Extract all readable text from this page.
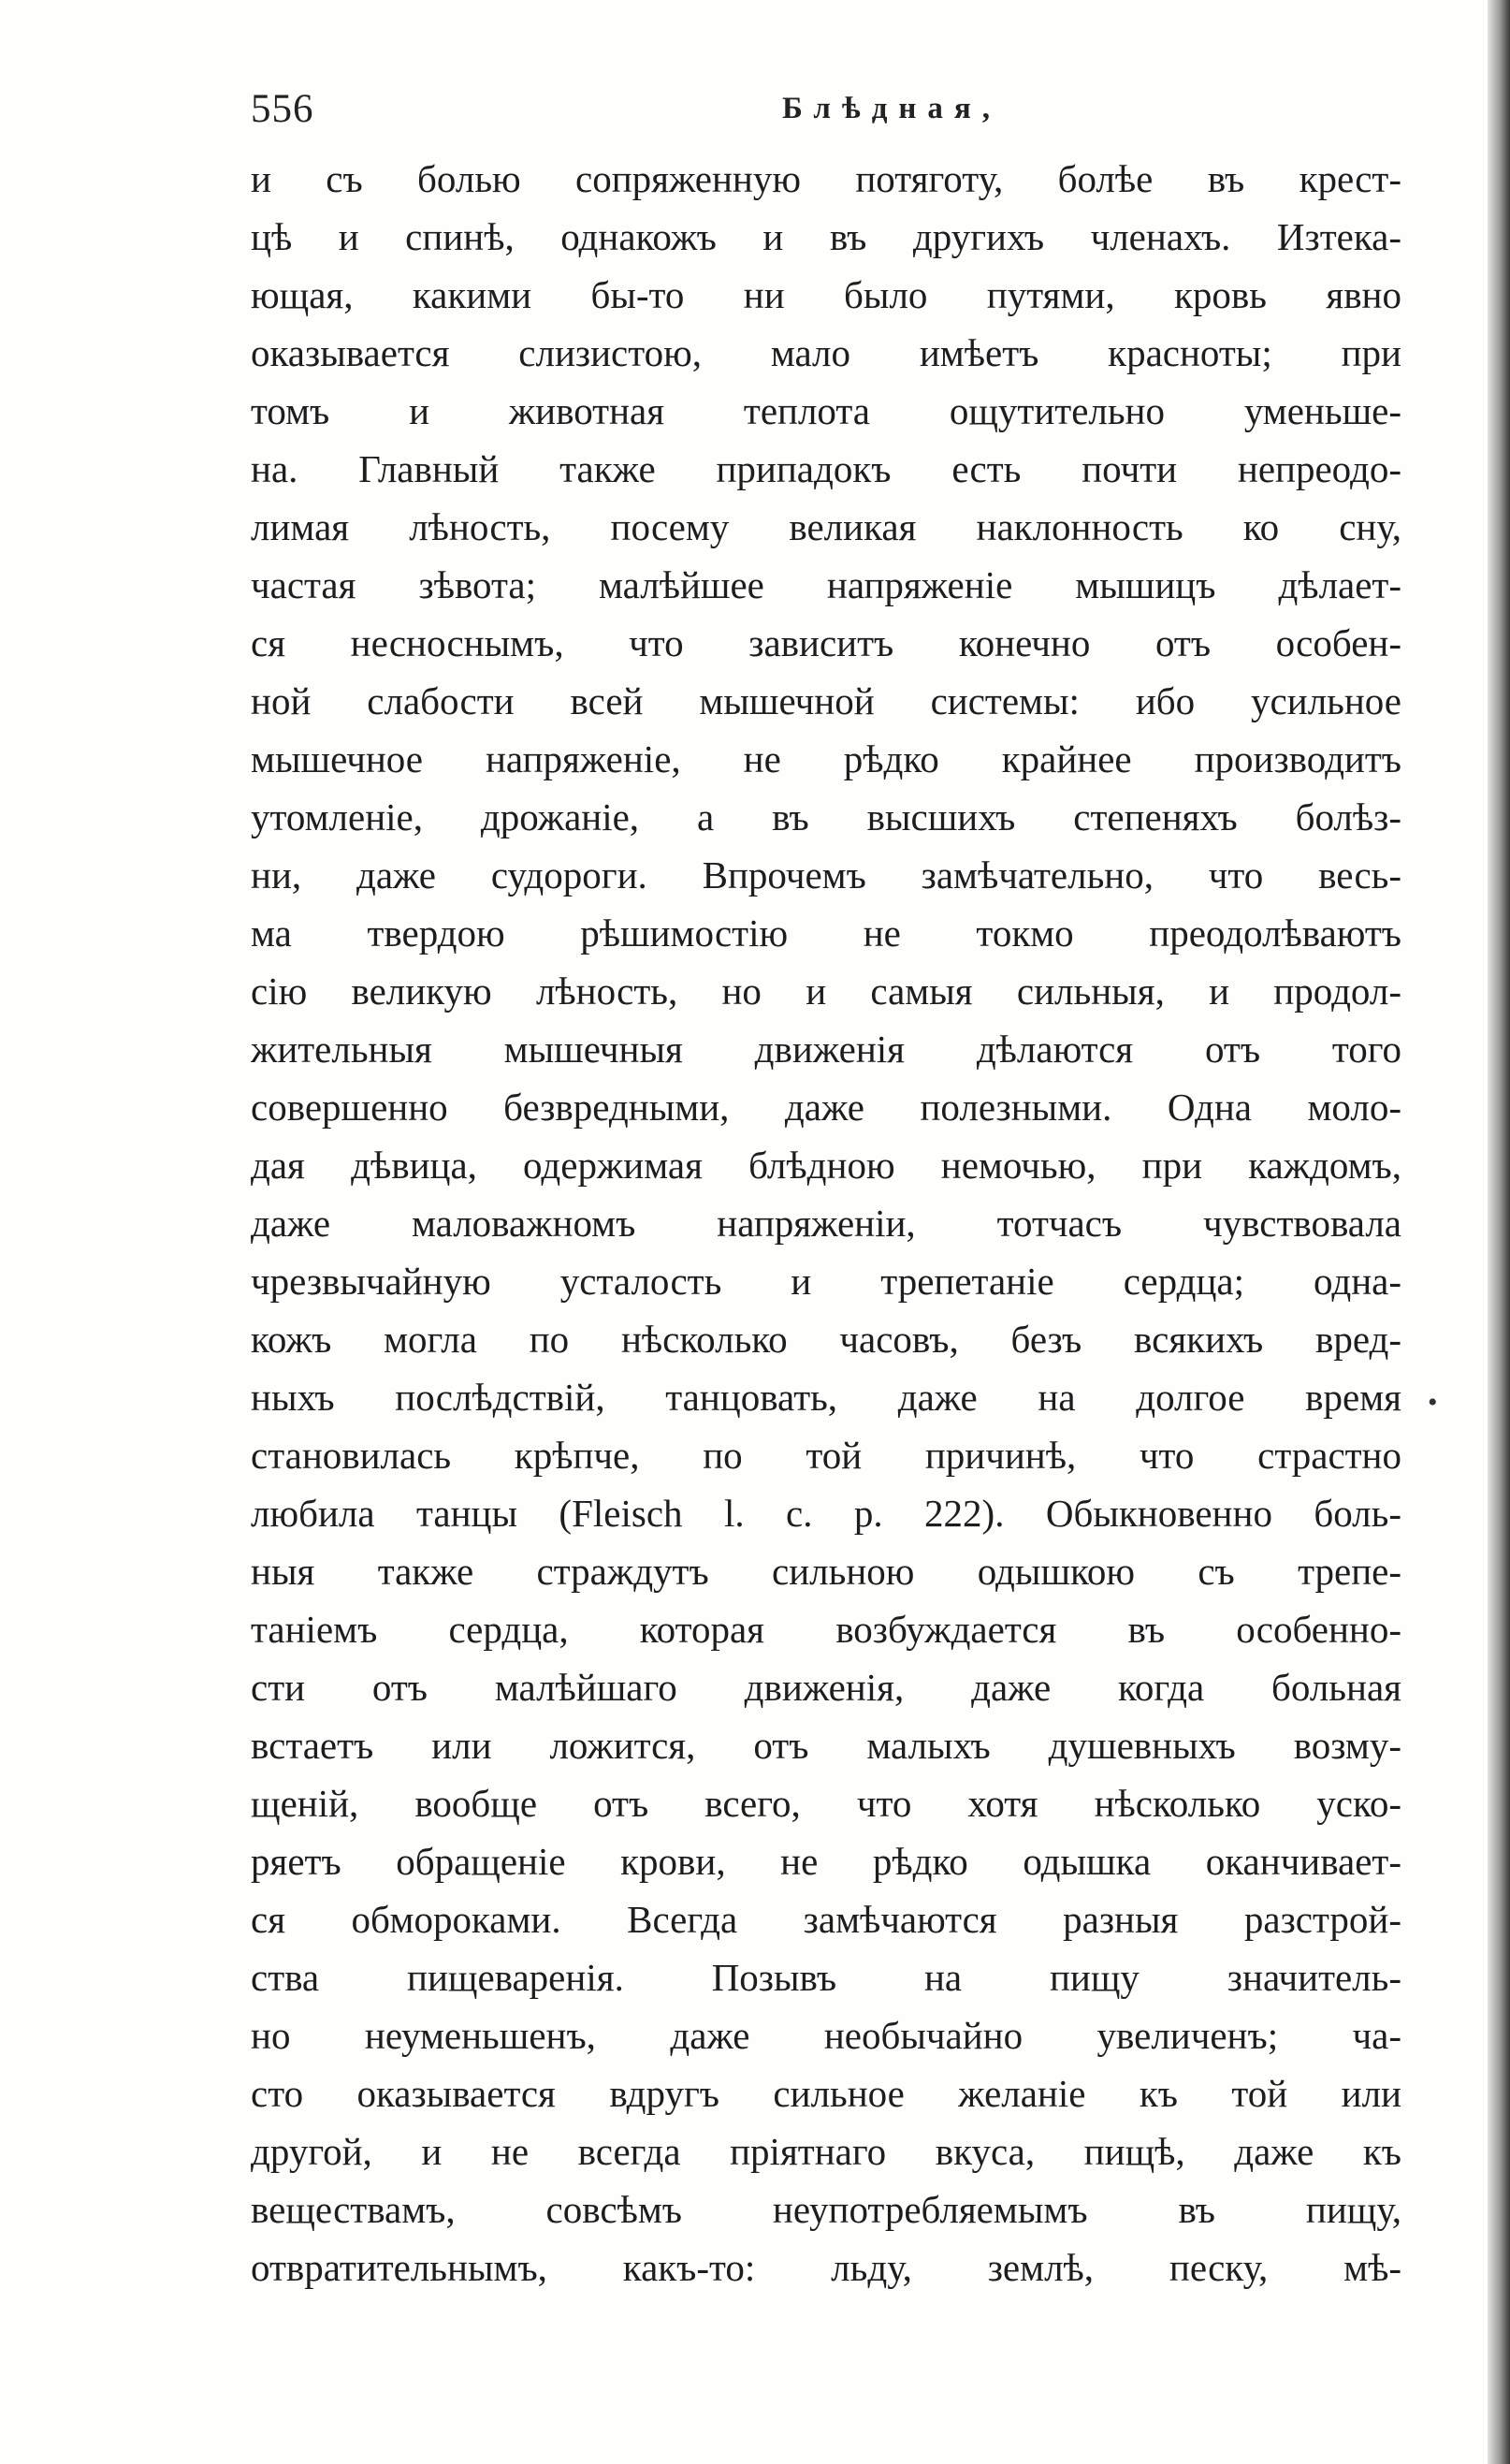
556	Блѣдная,
и съ болью сопряженную потяготу, болѣе въ крест-
цѣ и спинѣ, однакожъ и въ другихъ членахъ. Изтека-
ющая, какими бы-то ни было путями, кровь явно
оказывается слизистою, мало имѣетъ красноты; при
томъ и животная теплота ощутительно уменьше-
на. Главный также припадокъ есть почти непреодо-
лимая лѣность, посему великая наклонность ко сну,
частая зѣвота; малѣйшее напряженіе мышицъ дѣлает-
ся несноснымъ, что зависитъ конечно отъ особен-
ной слабости всей мышечной системы: ибо усильное
мышечное напряженіе, не рѣдко крайнее производитъ
утомленіе, дрожаніе, а въ высшихъ степеняхъ болѣз-
ни, даже судороги. Впрочемъ замѣчательно, что весь-
ма твердою рѣшимостію не токмо преодолѣваютъ
сію великую лѣность, но и самыя сильныя, и продол-
жительныя мышечныя движенія дѣлаются отъ того
совершенно безвредными, даже полезными. Одна моло-
дая дѣвица, одержимая блѣдною немочью, при каждомъ,
даже маловажномъ напряженіи, тотчасъ чувствовала
чрезвычайную усталость и трепетаніе сердца; одна-
кожъ могла по нѣсколько часовъ, безъ всякихъ вред-
ныхъ послѣдствій, танцовать, даже на долгое время
становилась крѣпче, по той причинѣ, что страстно
любила танцы (Fleisch l. c. p. 222). Обыкновенно боль-
ныя также страждутъ сильною одышкою съ трепе-
таніемъ сердца, которая возбуждается въ особенно-
сти отъ малѣйшаго движенія, даже когда больная
встаетъ или ложится, отъ малыхъ душевныхъ возму-
щеній, вообще отъ всего, что хотя нѣсколько уско-
ряетъ обращеніе крови, не рѣдко одышка оканчивает-
ся обмороками. Всегда замѣчаются разныя разстрой-
ства пищеваренія. Позывъ на пищу значитель-
но неуменьшенъ, даже необычайно увеличенъ; ча-
сто оказывается вдругъ сильное желаніе къ той или
другой, и не всегда пріятнаго вкуса, пищѣ, даже къ
веществамъ, совсѣмъ неупотребляемымъ въ пищу,
отвратительнымъ, какъ-то: льду, землѣ, песку, мѣ-
•
